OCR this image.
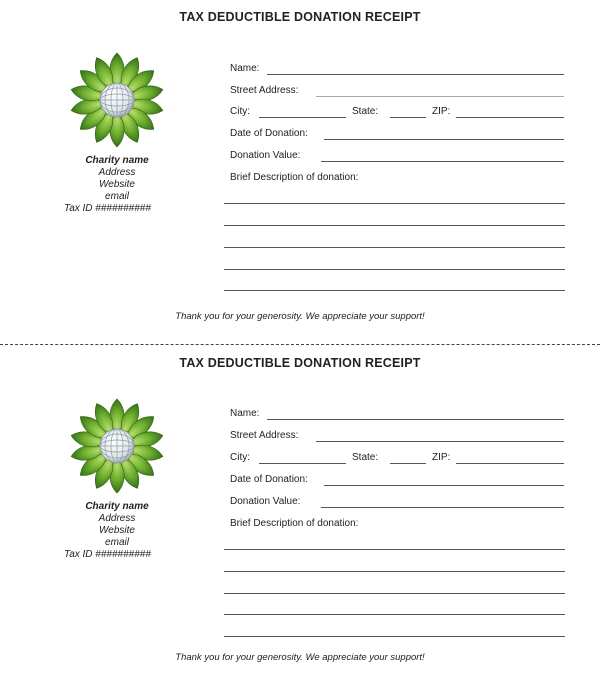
TAX DEDUCTIBLE DONATION RECEIPT
Charity name
Address
Website
email
Tax ID ##########
Name:
Street Address:
City:	State:	ZIP:
Date of Donation:
Donation Value:
Brief Description of donation:
Thank you for your generosity. We appreciate your support!
TAX DEDUCTIBLE DONATION RECEIPT
Charity name
Address
Website
email
Tax ID ##########
Name:
Street Address:
City:	State:	ZIP:
Date of Donation:
Donation Value:
Brief Description of donation:
Thank you for your generosity. We appreciate your support!
